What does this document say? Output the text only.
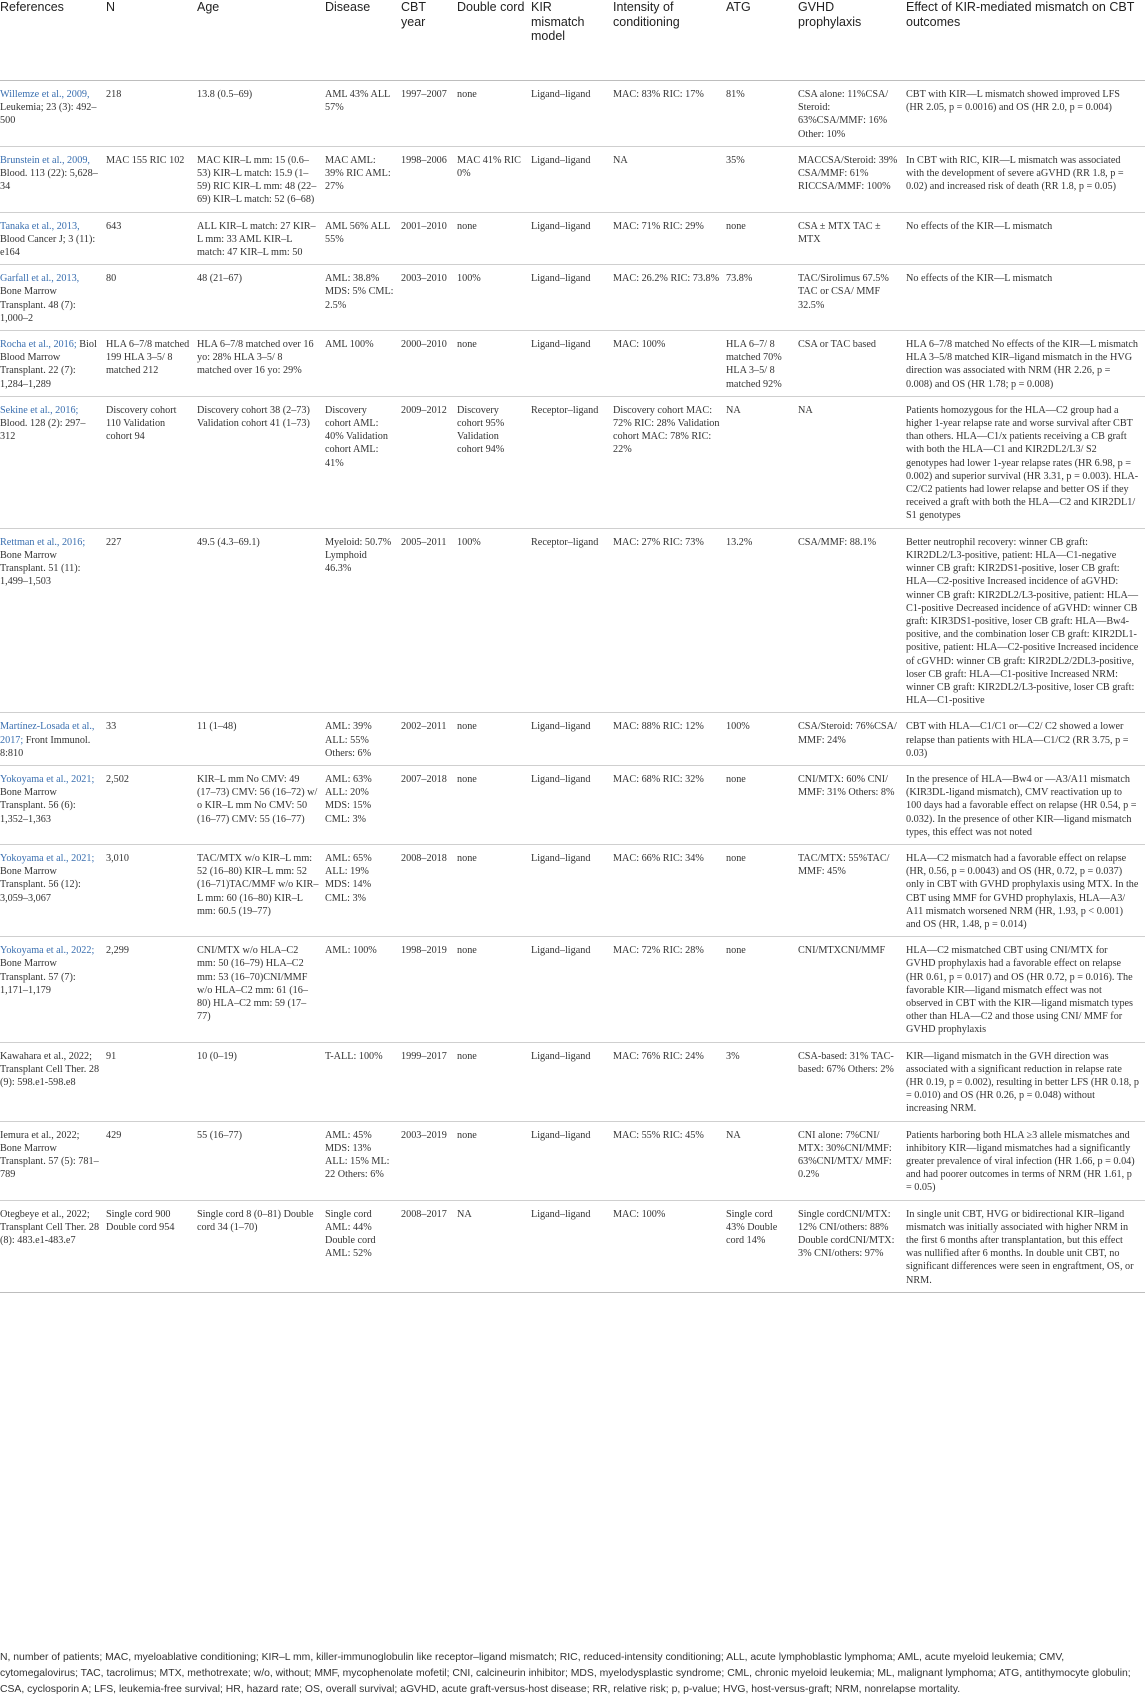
References	N	Age	Disease	CBT year	Double cord	KIR mismatch model	Intensity of conditioning	ATG	GVHD prophylaxis	Effect of KIR-mediated mismatch on CBT outcomes
Willemze et al., 2009, Leukemia; 23 (3): 492–500	218	13.8 (0.5–69)	AML 43% ALL 57%	1997–2007	none	Ligand–ligand	MAC: 83% RIC: 17%	81%	CSA alone: 11%CSA/ Steroid: 63%CSA/MMF: 16% Other: 10%	CBT with KIR—L mismatch showed improved LFS (HR 2.05, p = 0.0016) and OS (HR 2.0, p = 0.004)
Brunstein et al., 2009, Blood. 113 (22): 5,628–34	MAC 155 RIC 102	MAC KIR–L mm: 15 (0.6–53) KIR–L match: 15.9 (1–59) RIC KIR–L mm: 48 (22–69) KIR–L match: 52 (6–68)	MAC AML: 39% RIC AML: 27%	1998–2006	MAC 41% RIC 0%	Ligand–ligand	NA	35%	MACCSA/Steroid: 39% CSA/MMF: 61% RICCSA/MMF: 100%	In CBT with RIC, KIR—L mismatch was associated with the development of severe aGVHD (RR 1.8, p = 0.02) and increased risk of death (RR 1.8, p = 0.05)
Tanaka et al., 2013, Blood Cancer J; 3 (11): e164	643	ALL KIR–L match: 27 KIR–L mm: 33 AML KIR–L match: 47 KIR–L mm: 50	AML 56% ALL 55%	2001–2010	none	Ligand–ligand	MAC: 71% RIC: 29%	none	CSA ± MTX TAC ± MTX	No effects of the KIR—L mismatch
Garfall et al., 2013, Bone Marrow Transplant. 48 (7): 1,000–2	80	48 (21–67)	AML: 38.8% MDS: 5% CML: 2.5%	2003–2010	100%	Ligand–ligand	MAC: 26.2% RIC: 73.8%	73.8%	TAC/Sirolimus 67.5% TAC or CSA/ MMF 32.5%	No effects of the KIR—L mismatch
Rocha et al., 2016; Biol Blood Marrow Transplant. 22 (7): 1,284–1,289	HLA 6–7/8 matched 199 HLA 3–5/ 8 matched 212	HLA 6–7/8 matched over 16 yo: 28% HLA 3–5/ 8 matched over 16 yo: 29%	AML 100%	2000–2010	none	Ligand–ligand	MAC: 100%	HLA 6–7/ 8 matched 70% HLA 3–5/ 8 matched 92%	CSA or TAC based	HLA 6–7/8 matched No effects of the KIR—L mismatch HLA 3–5/8 matched KIR–ligand mismatch in the HVG direction was associated with NRM (HR 2.26, p = 0.008) and OS (HR 1.78; p = 0.008)
Sekine et al., 2016; Blood. 128 (2): 297–312	Discovery cohort 110 Validation cohort 94	Discovery cohort 38 (2–73) Validation cohort 41 (1–73)	Discovery cohort AML: 40% Validation cohort AML: 41%	2009–2012	Discovery cohort 95% Validation cohort 94%	Receptor–ligand	Discovery cohort MAC: 72% RIC: 28% Validation cohort MAC: 78% RIC: 22%	NA	NA	Patients homozygous for the HLA—C2 group had a higher 1-year relapse rate and worse survival after CBT than others. HLA—C1/x patients receiving a CB graft with both the HLA—C1 and KIR2DL2/L3/ S2 genotypes had lower 1-year relapse rates (HR 6.98, p = 0.002) and superior survival (HR 3.31, p = 0.003). HLA-C2/C2 patients had lower relapse and better OS if they received a graft with both the HLA—C2 and KIR2DL1/ S1 genotypes
Rettman et al., 2016; Bone Marrow Transplant. 51 (11): 1,499–1,503	227	49.5 (4.3–69.1)	Myeloid: 50.7% Lymphoid 46.3%	2005–2011	100%	Receptor–ligand	MAC: 27% RIC: 73%	13.2%	CSA/MMF: 88.1%	Better neutrophil recovery: winner CB graft: KIR2DL2/L3-positive, patient: HLA—C1-negative winner CB graft: KIR2DS1-positive, loser CB graft: HLA—C2-positive Increased incidence of aGVHD: winner CB graft: KIR2DL2/L3-positive, patient: HLA—C1-positive Decreased incidence of aGVHD: winner CB graft: KIR3DS1-positive, loser CB graft: HLA—Bw4-positive, and the combination loser CB graft: KIR2DL1-positive, patient: HLA—C2-positive Increased incidence of cGVHD: winner CB graft: KIR2DL2/2DL3-positive, loser CB graft: HLA—C1-positive Increased NRM: winner CB graft: KIR2DL2/L3-positive, loser CB graft: HLA—C1-positive
Martínez-Losada et al., 2017; Front Immunol. 8:810	33	11 (1–48)	AML: 39% ALL: 55% Others: 6%	2002–2011	none	Ligand–ligand	MAC: 88% RIC: 12%	100%	CSA/Steroid: 76%CSA/ MMF: 24%	CBT with HLA—C1/C1 or—C2/ C2 showed a lower relapse than patients with HLA—C1/C2 (RR 3.75, p = 0.03)
Yokoyama et al., 2021; Bone Marrow Transplant. 56 (6): 1,352–1,363	2,502	KIR–L mm No CMV: 49 (17–73) CMV: 56 (16–72) w/ o KIR–L mm No CMV: 50 (16–77) CMV: 55 (16–77)	AML: 63% ALL: 20% MDS: 15% CML: 3%	2007–2018	none	Ligand–ligand	MAC: 68% RIC: 32%	none	CNI/MTX: 60% CNI/ MMF: 31% Others: 8%	In the presence of HLA—Bw4 or —A3/A11 mismatch (KIR3DL-ligand mismatch), CMV reactivation up to 100 days had a favorable effect on relapse (HR 0.54, p = 0.032). In the presence of other KIR—ligand mismatch types, this effect was not noted
Yokoyama et al., 2021; Bone Marrow Transplant. 56 (12): 3,059–3,067	3,010	TAC/MTX w/o KIR–L mm: 52 (16–80) KIR–L mm: 52 (16–71)TAC/MMF w/o KIR–L mm: 60 (16–80) KIR–L mm: 60.5 (19–77)	AML: 65% ALL: 19% MDS: 14% CML: 3%	2008–2018	none	Ligand–ligand	MAC: 66% RIC: 34%	none	TAC/MTX: 55%TAC/ MMF: 45%	HLA—C2 mismatch had a favorable effect on relapse (HR, 0.56, p = 0.0043) and OS (HR, 0.72, p = 0.037) only in CBT with GVHD prophylaxis using MTX. In the CBT using MMF for GVHD prophylaxis, HLA—A3/ A11 mismatch worsened NRM (HR, 1.93, p < 0.001) and OS (HR, 1.48, p = 0.014)
Yokoyama et al., 2022; Bone Marrow Transplant. 57 (7): 1,171–1,179	2,299	CNI/MTX w/o HLA–C2 mm: 50 (16–79) HLA–C2 mm: 53 (16–70)CNI/MMF w/o HLA–C2 mm: 61 (16–80) HLA–C2 mm: 59 (17–77)	AML: 100%	1998–2019	none	Ligand–ligand	MAC: 72% RIC: 28%	none	CNI/MTXCNI/MMF	HLA—C2 mismatched CBT using CNI/MTX for GVHD prophylaxis had a favorable effect on relapse (HR 0.61, p = 0.017) and OS (HR 0.72, p = 0.016). The favorable KIR—ligand mismatch effect was not observed in CBT with the KIR—ligand mismatch types other than HLA—C2 and those using CNI/ MMF for GVHD prophylaxis
Kawahara et al., 2022; Transplant Cell Ther. 28 (9): 598.e1-598.e8	91	10 (0–19)	T-ALL: 100%	1999–2017	none	Ligand–ligand	MAC: 76% RIC: 24%	3%	CSA-based: 31% TAC-based: 67% Others: 2%	KIR—ligand mismatch in the GVH direction was associated with a significant reduction in relapse rate (HR 0.19, p = 0.002), resulting in better LFS (HR 0.18, p = 0.010) and OS (HR 0.26, p = 0.048) without increasing NRM.
Iemura et al., 2022; Bone Marrow Transplant. 57 (5): 781–789	429	55 (16–77)	AML: 45% MDS: 13% ALL: 15% ML: 22 Others: 6%	2003–2019	none	Ligand–ligand	MAC: 55% RIC: 45%	NA	CNI alone: 7%CNI/ MTX: 30%CNI/MMF: 63%CNI/MTX/ MMF: 0.2%	Patients harboring both HLA ≥3 allele mismatches and inhibitory KIR—ligand mismatches had a significantly greater prevalence of viral infection (HR 1.66, p = 0.04) and had poorer outcomes in terms of NRM (HR 1.61, p = 0.05)
Otegbeye et al., 2022; Transplant Cell Ther. 28 (8): 483.e1-483.e7	Single cord 900 Double cord 954	Single cord 8 (0–81) Double cord 34 (1–70)	Single cord AML: 44% Double cord AML: 52%	2008–2017	NA	Ligand–ligand	MAC: 100%	Single cord 43% Double cord 14%	Single cordCNI/MTX: 12% CNI/others: 88% Double cordCNI/MTX: 3% CNI/others: 97%	In single unit CBT, HVG or bidirectional KIR–ligand mismatch was initially associated with higher NRM in the first 6 months after transplantation, but this effect was nullified after 6 months. In double unit CBT, no significant differences were seen in engraftment, OS, or NRM.
N, number of patients; MAC, myeloablative conditioning; KIR–L mm, killer-immunoglobulin like receptor–ligand mismatch; RIC, reduced-intensity conditioning; ALL, acute lymphoblastic lymphoma; AML, acute myeloid leukemia; CMV, cytomegalovirus; TAC, tacrolimus; MTX, methotrexate; w/o, without; MMF, mycophenolate mofetil; CNI, calcineurin inhibitor; MDS, myelodysplastic syndrome; CML, chronic myeloid leukemia; ML, malignant lymphoma; ATG, antithymocyte globulin; CSA, cyclosporin A; LFS, leukemia-free survival; HR, hazard rate; OS, overall survival; aGVHD, acute graft-versus-host disease; RR, relative risk; p, p-value; HVG, host-versus-graft; NRM, nonrelapse mortality.
